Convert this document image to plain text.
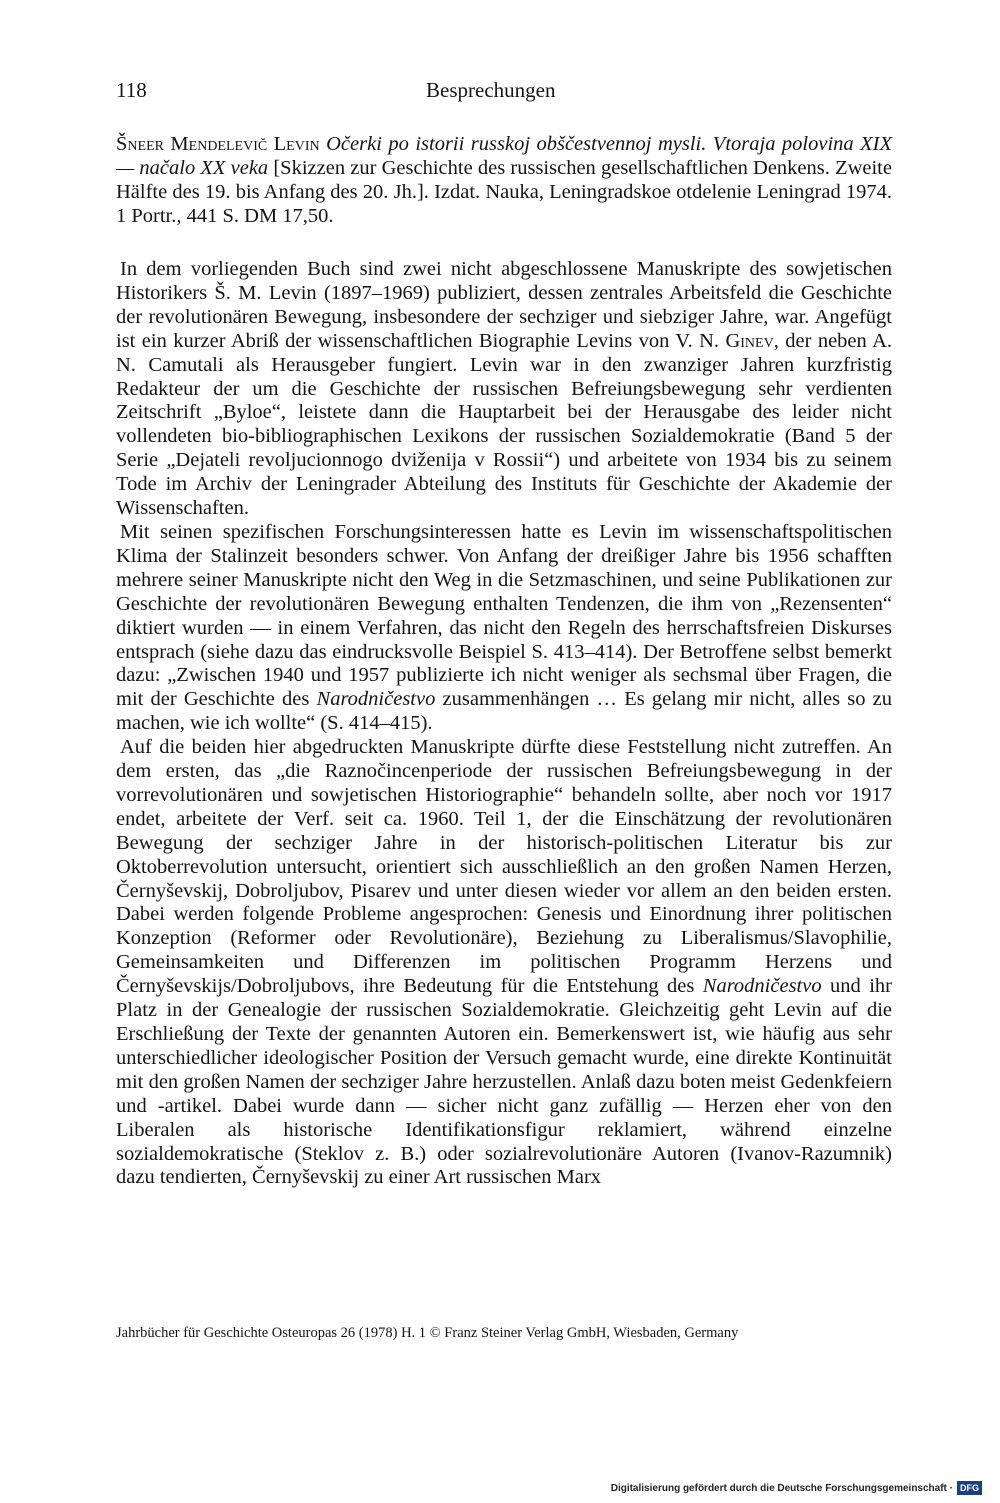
118	Besprechungen
Šneer Mendelevič Levin Očerki po istorii russkoj obščestvennoj mysli. Vtoraja polovina XIX — načalo XX veka [Skizzen zur Geschichte des russischen gesellschaftlichen Denkens. Zweite Hälfte des 19. bis Anfang des 20. Jh.]. Izdat. Nauka, Leningradskoe otdelenie Leningrad 1974. 1 Portr., 441 S. DM 17,50.

In dem vorliegenden Buch sind zwei nicht abgeschlossene Manuskripte des sowjetischen Historikers Š. M. Levin (1897–1969) publiziert, dessen zentrales Arbeitsfeld die Geschichte der revolutionären Bewegung, insbesondere der sechziger und siebziger Jahre, war. Angefügt ist ein kurzer Abriß der wissenschaftlichen Biographie Levins von V. N. Ginev, der neben A. N. Camutali als Herausgeber fungiert. Levin war in den zwanziger Jahren kurzfristig Redakteur der um die Geschichte der russischen Befreiungsbewegung sehr verdienten Zeitschrift „Byloe“, leistete dann die Hauptarbeit bei der Herausgabe des leider nicht vollendeten bio-bibliographischen Lexikons der russischen Sozialdemokratie (Band 5 der Serie „Dejateli revoljucionnogo dviženija v Rossii“) und arbeitete von 1934 bis zu seinem Tode im Archiv der Leningrader Abteilung des Instituts für Geschichte der Akademie der Wissenschaften.

Mit seinen spezifischen Forschungsinteressen hatte es Levin im wissenschaftspolitischen Klima der Stalinzeit besonders schwer. Von Anfang der dreißiger Jahre bis 1956 schafften mehrere seiner Manuskripte nicht den Weg in die Setzmaschinen, und seine Publikationen zur Geschichte der revolutionären Bewegung enthalten Tendenzen, die ihm von „Rezensenten“ diktiert wurden — in einem Verfahren, das nicht den Regeln des herrschaftsfreien Diskurses entsprach (siehe dazu das eindrucksvolle Beispiel S. 413–414). Der Betroffene selbst bemerkt dazu: „Zwischen 1940 und 1957 publizierte ich nicht weniger als sechsmal über Fragen, die mit der Geschichte des Narodničestvo zusammenhängen … Es gelang mir nicht, alles so zu machen, wie ich wollte“ (S. 414–415).

Auf die beiden hier abgedruckten Manuskripte dürfte diese Feststellung nicht zutreffen. An dem ersten, das „die Raznočincenperiode der russischen Befreiungsbewegung in der vorrevolutionären und sowjetischen Historiographie“ behandeln sollte, aber noch vor 1917 endet, arbeitete der Verf. seit ca. 1960. Teil 1, der die Einschätzung der revolutionären Bewegung der sechziger Jahre in der historisch-politischen Literatur bis zur Oktoberrevolution untersucht, orientiert sich ausschließlich an den großen Namen Herzen, Černyševskij, Dobroljubov, Pisarev und unter diesen wieder vor allem an den beiden ersten. Dabei werden folgende Probleme angesprochen: Genesis und Einordnung ihrer politischen Konzeption (Reformer oder Revolutionäre), Beziehung zu Liberalismus/Slavophilie, Gemeinsamkeiten und Differenzen im politischen Programm Herzens und Černyševskijs/Dobroljubovs, ihre Bedeutung für die Entstehung des Narodničestvo und ihr Platz in der Genealogie der russischen Sozialdemokratie. Gleichzeitig geht Levin auf die Erschließung der Texte der genannten Autoren ein. Bemerkenswert ist, wie häufig aus sehr unterschiedlicher ideologischer Position der Versuch gemacht wurde, eine direkte Kontinuität mit den großen Namen der sechziger Jahre herzustellen. Anlaß dazu boten meist Gedenkfeiern und -artikel. Dabei wurde dann — sicher nicht ganz zufällig — Herzen eher von den Liberalen als historische Identifikationsfigur reklamiert, während einzelne sozialdemokratische (Steklov z. B.) oder sozialrevolutionäre Autoren (Ivanov-Razumnik) dazu tendierten, Černyševskij zu einer Art russischen Marx

Jahrbücher für Geschichte Osteuropas 26 (1978) H. 1 © Franz Steiner Verlag GmbH, Wiesbaden, Germany
Digitalisierung gefördert durch die Deutsche Forschungsgemeinschaft · DFG
